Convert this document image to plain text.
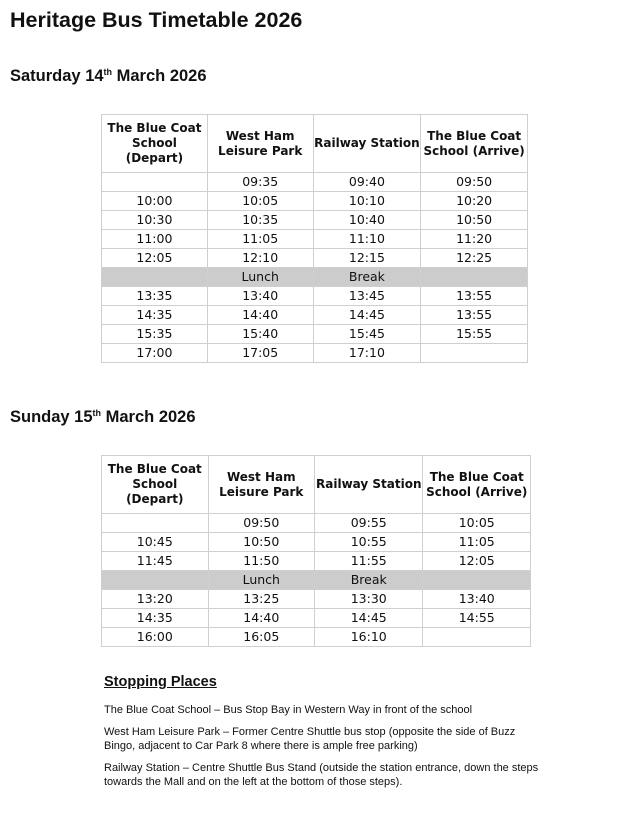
Heritage Bus Timetable 2026
Saturday 14th March 2026
The Blue Coat School (Depart)	West Ham Leisure Park	Railway Station	The Blue Coat School (Arrive)
	09:35	09:40	09:50
10:00	10:05	10:10	10:20
10:30	10:35	10:40	10:50
11:00	11:05	11:10	11:20
12:05	12:10	12:15	12:25
	Lunch	Break	
13:35	13:40	13:45	13:55
14:35	14:40	14:45	13:55
15:35	15:40	15:45	15:55
17:00	17:05	17:10	
Sunday 15th March 2026
The Blue Coat School (Depart)	West Ham Leisure Park	Railway Station	The Blue Coat School (Arrive)
	09:50	09:55	10:05
10:45	10:50	10:55	11:05
11:45	11:50	11:55	12:05
	Lunch	Break	
13:20	13:25	13:30	13:40
14:35	14:40	14:45	14:55
16:00	16:05	16:10	
Stopping Places

The Blue Coat School – Bus Stop Bay in Western Way in front of the school

West Ham Leisure Park – Former Centre Shuttle bus stop (opposite the side of Buzz Bingo, adjacent to Car Park 8 where there is ample free parking)

Railway Station – Centre Shuttle Bus Stand (outside the station entrance, down the steps towards the Mall and on the left at the bottom of those steps).
